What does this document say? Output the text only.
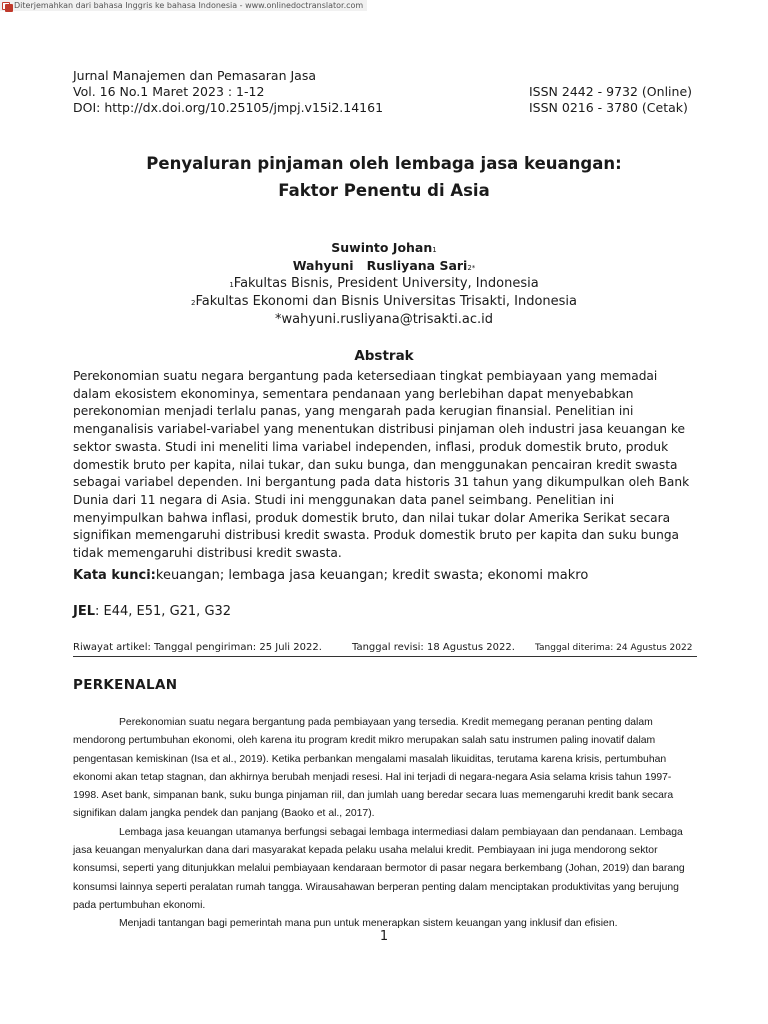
Diterjemahkan dari bahasa Inggris ke bahasa Indonesia - www.onlinedoctranslator.com
Jurnal Manajemen dan Pemasaran Jasa
Vol. 16 No.1 Maret 2023 : 1-12
DOI: http://dx.doi.org/10.25105/jmpj.v15i2.14161
ISSN 2442 - 9732 (Online)
ISSN 0216 - 3780 (Cetak)
Penyaluran pinjaman oleh lembaga jasa keuangan:
Faktor Penentu di Asia
Suwinto Johan1
Wahyuni   Rusliyana Sari2*
1Fakultas Bisnis, President University, Indonesia
2Fakultas Ekonomi dan Bisnis Universitas Trisakti, Indonesia
*wahyuni.rusliyana@trisakti.ac.id
Abstrak
Perekonomian suatu negara bergantung pada ketersediaan tingkat pembiayaan yang memadai dalam ekosistem ekonominya, sementara pendanaan yang berlebihan dapat menyebabkan perekonomian menjadi terlalu panas, yang mengarah pada kerugian finansial. Penelitian ini menganalisis variabel-variabel yang menentukan distribusi pinjaman oleh industri jasa keuangan ke sektor swasta. Studi ini meneliti lima variabel independen, inflasi, produk domestik bruto, produk domestik bruto per kapita, nilai tukar, dan suku bunga, dan menggunakan pencairan kredit swasta sebagai variabel dependen. Ini bergantung pada data historis 31 tahun yang dikumpulkan oleh Bank Dunia dari 11 negara di Asia. Studi ini menggunakan data panel seimbang. Penelitian ini menyimpulkan bahwa inflasi, produk domestik bruto, dan nilai tukar dolar Amerika Serikat secara signifikan memengaruhi distribusi kredit swasta. Produk domestik bruto per kapita dan suku bunga tidak memengaruhi distribusi kredit swasta.
Kata kunci:keuangan; lembaga jasa keuangan; kredit swasta; ekonomi makro
JEL: E44, E51, G21, G32
Riwayat artikel: Tanggal pengiriman: 25 Juli 2022.	Tanggal revisi: 18 Agustus 2022. Tanggal diterima: 24 Agustus 2022
PERKENALAN

Perekonomian suatu negara bergantung pada pembiayaan yang tersedia. Kredit memegang peranan penting dalam mendorong pertumbuhan ekonomi, oleh karena itu program kredit mikro merupakan salah satu instrumen paling inovatif dalam pengentasan kemiskinan (Isa et al., 2019). Ketika perbankan mengalami masalah likuiditas, terutama karena krisis, pertumbuhan ekonomi akan tetap stagnan, dan akhirnya berubah menjadi resesi. Hal ini terjadi di negara-negara Asia selama krisis tahun 1997-1998. Aset bank, simpanan bank, suku bunga pinjaman riil, dan jumlah uang beredar secara luas memengaruhi kredit bank secara signifikan dalam jangka pendek dan panjang (Baoko et al., 2017).

Lembaga jasa keuangan utamanya berfungsi sebagai lembaga intermediasi dalam pembiayaan dan pendanaan. Lembaga jasa keuangan menyalurkan dana dari masyarakat kepada pelaku usaha melalui kredit. Pembiayaan ini juga mendorong sektor konsumsi, seperti yang ditunjukkan melalui pembiayaan kendaraan bermotor di pasar negara berkembang (Johan, 2019) dan barang konsumsi lainnya seperti peralatan rumah tangga. Wirausahawan berperan penting dalam menciptakan produktivitas yang berujung pada pertumbuhan ekonomi.

Menjadi tantangan bagi pemerintah mana pun untuk menerapkan sistem keuangan yang inklusif dan efisien.

1
